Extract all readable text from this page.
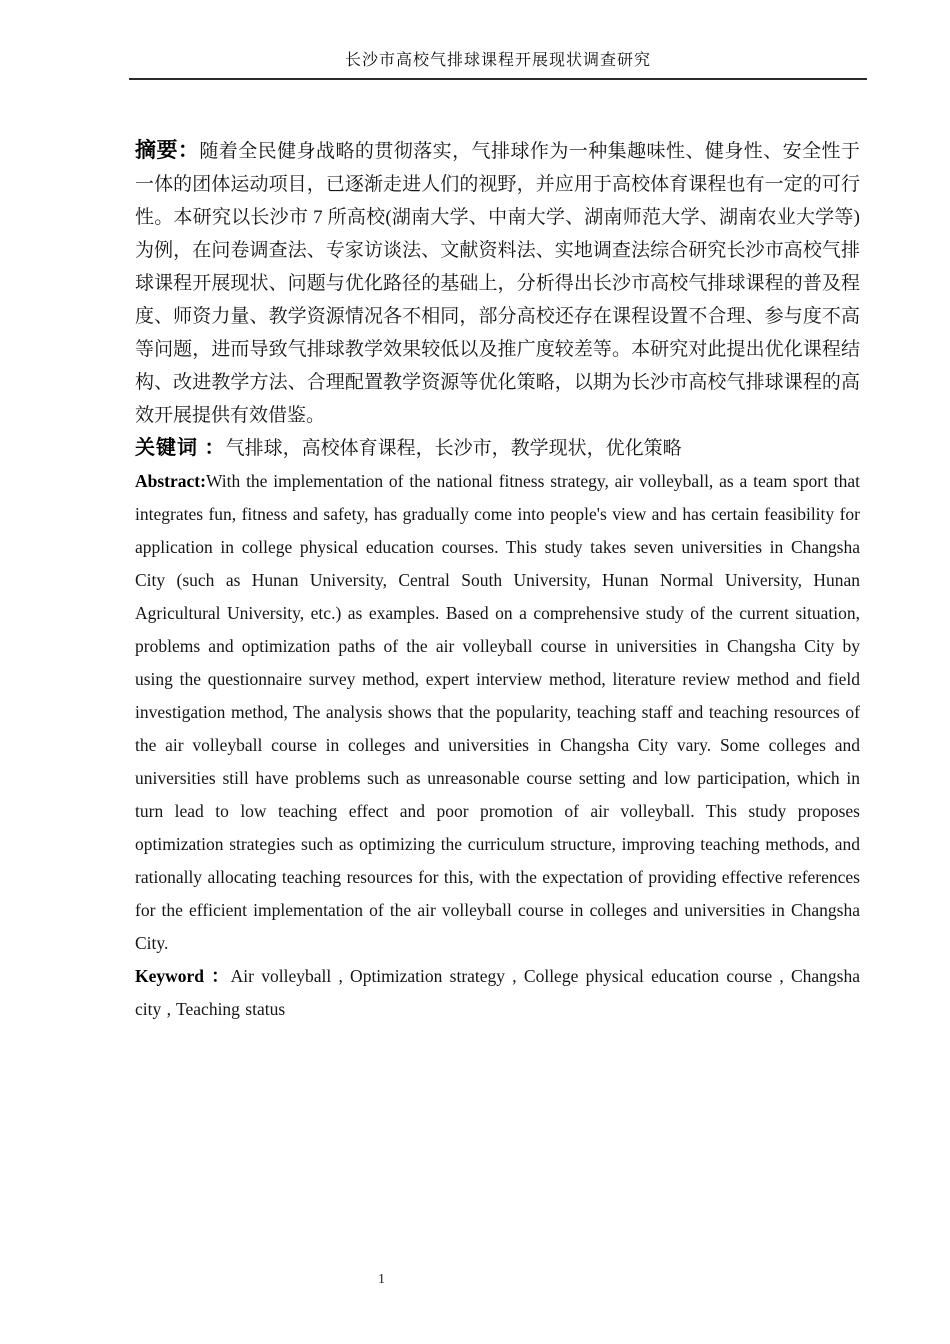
长沙市高校气排球课程开展现状调查研究

摘要：随着全民健身战略的贯彻落实，气排球作为一种集趣味性、健身性、安全性于一体的团体运动项目，已逐渐走进人们的视野，并应用于高校体育课程也有一定的可行性。本研究以长沙市 7 所高校(湖南大学、中南大学、湖南师范大学、湖南农业大学等)为例，在问卷调查法、专家访谈法、文献资料法、实地调查法综合研究长沙市高校气排球课程开展现状、问题与优化路径的基础上，分析得出长沙市高校气排球课程的普及程度、师资力量、教学资源情况各不相同，部分高校还存在课程设置不合理、参与度不高等问题，进而导致气排球教学效果较低以及推广度较差等。本研究对此提出优化课程结构、改进教学方法、合理配置教学资源等优化策略，以期为长沙市高校气排球课程的高效开展提供有效借鉴。

关键词 ：气排球，高校体育课程，长沙市，教学现状，优化策略

Abstract:With the implementation of the national fitness strategy, air volleyball, as a team sport that integrates fun, fitness and safety, has gradually come into people's view and has certain feasibility for application in college physical education courses. This study takes seven universities in Changsha City (such as Hunan University, Central South University, Hunan Normal University, Hunan Agricultural University, etc.) as examples. Based on a comprehensive study of the current situation, problems and optimization paths of the air volleyball course in universities in Changsha City by using the questionnaire survey method, expert interview method, literature review method and field investigation method, The analysis shows that the popularity, teaching staff and teaching resources of the air volleyball course in colleges and universities in Changsha City vary. Some colleges and universities still have problems such as unreasonable course setting and low participation, which in turn lead to low teaching effect and poor promotion of air volleyball. This study proposes optimization strategies such as optimizing the curriculum structure, improving teaching methods, and rationally allocating teaching resources for this, with the expectation of providing effective references for the efficient implementation of the air volleyball course in colleges and universities in Changsha City.

Keyword ：Air volleyball , Optimization strategy , College physical education course , Changsha city , Teaching status

1
